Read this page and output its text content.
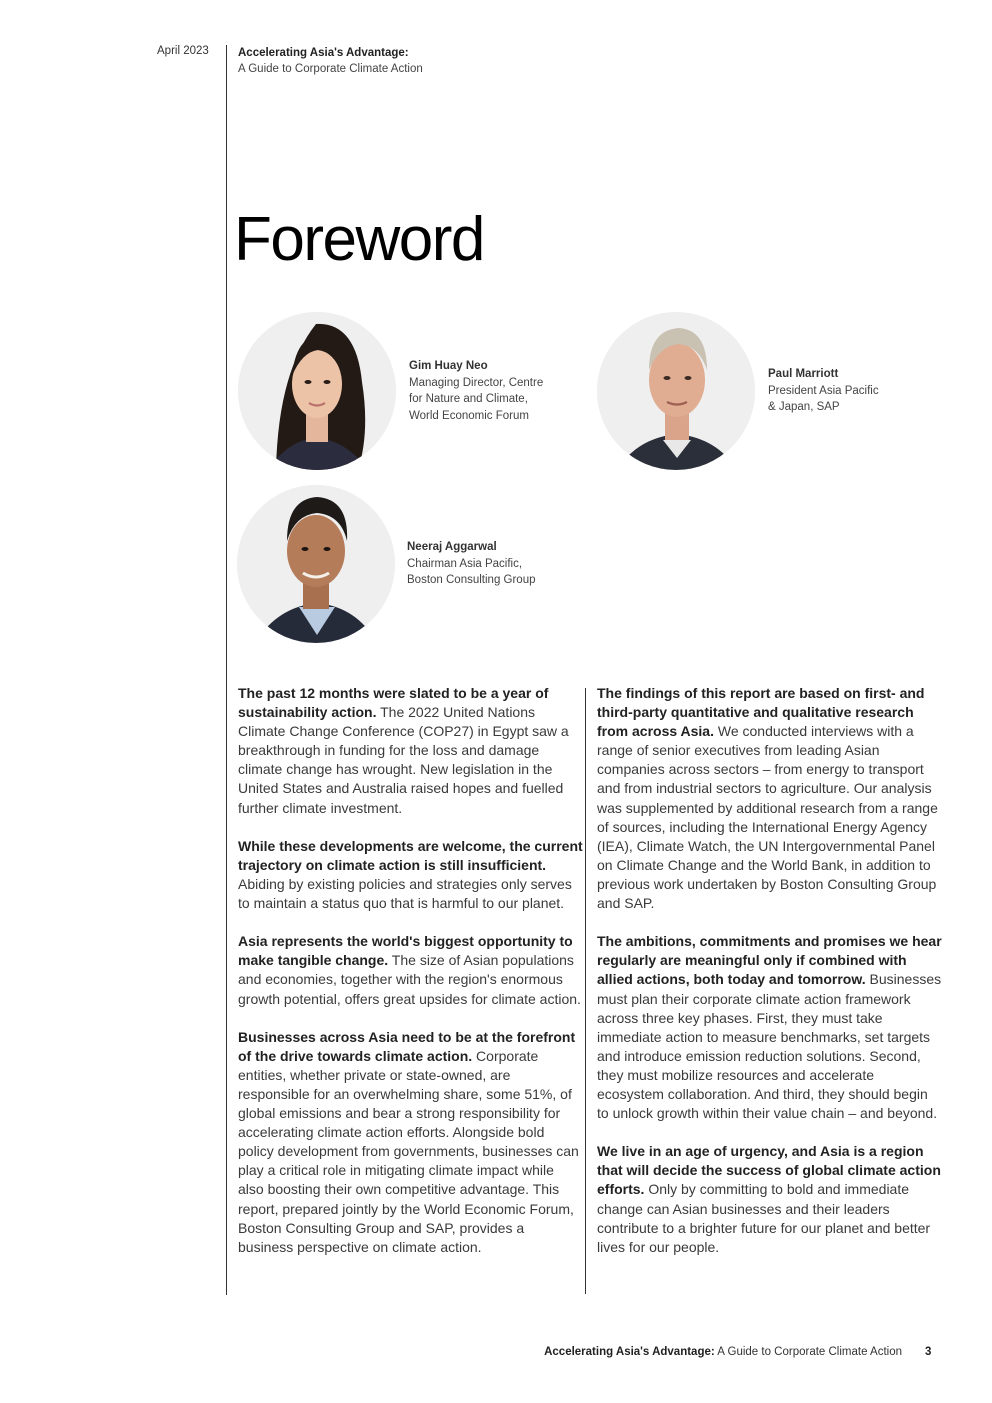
April 2023	Accelerating Asia's Advantage:
A Guide to Corporate Climate Action
Foreword
Gim Huay Neo
Managing Director, Centre
for Nature and Climate,
World Economic Forum
Paul Marriott
President Asia Pacific
& Japan, SAP
Neeraj Aggarwal
Chairman Asia Pacific,
Boston Consulting Group

The past 12 months were slated to be a year of sustainability action. The 2022 United Nations Climate Change Conference (COP27) in Egypt saw a breakthrough in funding for the loss and damage climate change has wrought. New legislation in the United States and Australia raised hopes and fuelled further climate investment.

While these developments are welcome, the current trajectory on climate action is still insufficient. Abiding by existing policies and strategies only serves to maintain a status quo that is harmful to our planet.

Asia represents the world's biggest opportunity to make tangible change. The size of Asian populations and economies, together with the region's enormous growth potential, offers great upsides for climate action.

Businesses across Asia need to be at the forefront of the drive towards climate action. Corporate entities, whether private or state-owned, are responsible for an overwhelming share, some 51%, of global emissions and bear a strong responsibility for accelerating climate action efforts. Alongside bold policy development from governments, businesses can play a critical role in mitigating climate impact while also boosting their own competitive advantage. This report, prepared jointly by the World Economic Forum, Boston Consulting Group and SAP, provides a business perspective on climate action.

The findings of this report are based on first- and third-party quantitative and qualitative research from across Asia. We conducted interviews with a range of senior executives from leading Asian companies across sectors – from energy to transport and from industrial sectors to agriculture. Our analysis was supplemented by additional research from a range of sources, including the International Energy Agency (IEA), Climate Watch, the UN Intergovernmental Panel on Climate Change and the World Bank, in addition to previous work undertaken by Boston Consulting Group and SAP.

The ambitions, commitments and promises we hear regularly are meaningful only if combined with allied actions, both today and tomorrow. Businesses must plan their corporate climate action framework across three key phases. First, they must take immediate action to measure benchmarks, set targets and introduce emission reduction solutions. Second, they must mobilize resources and accelerate ecosystem collaboration. And third, they should begin to unlock growth within their value chain – and beyond.

We live in an age of urgency, and Asia is a region that will decide the success of global climate action efforts. Only by committing to bold and immediate change can Asian businesses and their leaders contribute to a brighter future for our planet and better lives for our people.

Accelerating Asia's Advantage: A Guide to Corporate Climate Action 3
